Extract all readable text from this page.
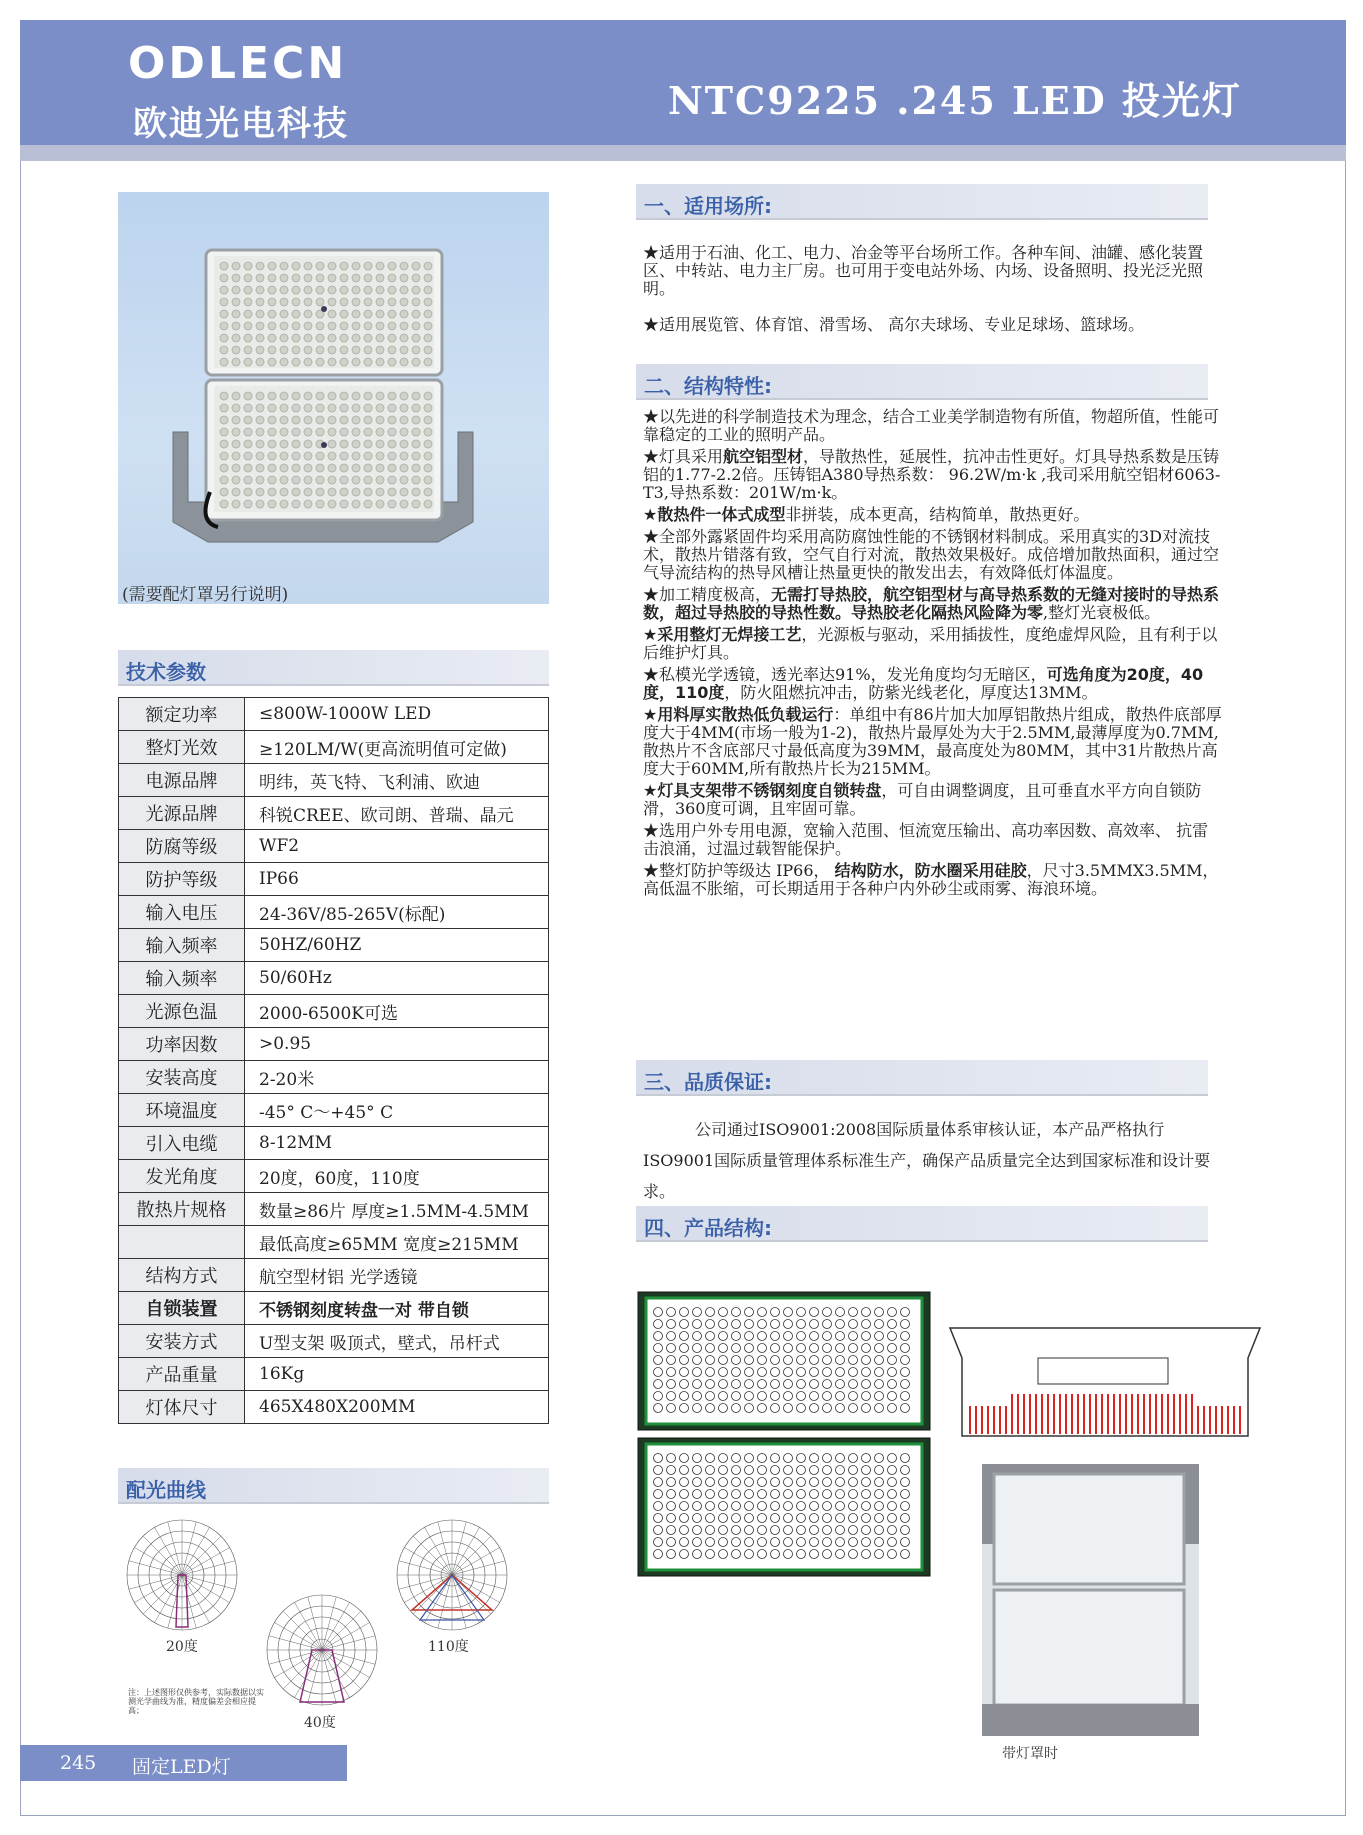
ODLECN
欧迪光电科技
NTC9225 .245 LED 投光灯
(需要配灯罩另行说明)
技术参数
额定功率	≤800W-1000W LED
整灯光效	≥120LM/W(更高流明值可定做)
电源品牌	明纬，英飞特、飞利浦、欧迪
光源品牌	科锐CREE、欧司朗、普瑞、晶元
防腐等级	WF2
防护等级	IP66
输入电压	24-36V/85-265V(标配)
输入频率	50HZ/60HZ
输入频率	50/60Hz
光源色温	2000-6500K可选
功率因数	>0.95
安装高度	2-20米
环境温度	-45° C～+45° C
引入电缆	8-12MM
发光角度	20度，60度，110度
散热片规格	数量≥86片 厚度≥1.5MM-4.5MM
	最低高度≥65MM 宽度≥215MM
结构方式	航空型材铝 光学透镜
自锁装置	不锈钢刻度转盘一对 带自锁
安装方式	U型支架 吸顶式，壁式，吊杆式
产品重量	16Kg
灯体尺寸	465X480X200MM
配光曲线
20度
40度
110度
注：上述图形仅供参考，实际数据以实测光学曲线为准，精度偏差会相应提高；
一、适用场所:
★适用于石油、化工、电力、冶金等平台场所工作。各种车间、油罐、感化装置区、中转站、电力主厂房。也可用于变电站外场、内场、设备照明、投光泛光照明。
★适用展览管、体育馆、滑雪场、 高尔夫球场、专业足球场、篮球场。
二、结构特性:
★以先进的科学制造技术为理念，结合工业美学制造物有所值，物超所值，性能可靠稳定的工业的照明产品。
★灯具采用航空铝型材，导散热性，延展性，抗冲击性更好。灯具导热系数是压铸铝的1.77-2.2倍。压铸铝A380导热系数： 96.2W/m·k ,我司采用航空铝材6063-T3,导热系数：201W/m·k。
★散热件一体式成型非拼装，成本更高，结构简单，散热更好。
★全部外露紧固件均采用高防腐蚀性能的不锈钢材料制成。采用真实的3D对流技术，散热片错落有致，空气自行对流，散热效果极好。成倍增加散热面积，通过空气导流结构的热导风槽让热量更快的散发出去，有效降低灯体温度。
★加工精度极高，无需打导热胶，航空铝型材与高导热系数的无缝对接时的导热系数，超过导热胶的导热性数。导热胶老化隔热风险降为零,整灯光衰极低。
★采用整灯无焊接工艺，光源板与驱动，采用插拔性，度绝虚焊风险，且有利于以后维护灯具。
★私模光学透镜，透光率达91%，发光角度均匀无暗区，可选角度为20度，40度，110度，防火阻燃抗冲击，防紫光线老化，厚度达13MM。
★用料厚实散热低负载运行：单组中有86片加大加厚铝散热片组成，散热件底部厚度大于4MM(市场一般为1-2)，散热片最厚处为大于2.5MM,最薄厚度为0.7MM,散热片不含底部尺寸最低高度为39MM，最高度处为80MM，其中31片散热片高度大于60MM,所有散热片长为215MM。
★灯具支架带不锈钢刻度自锁转盘，可自由调整调度，且可垂直水平方向自锁防滑，360度可调，且牢固可靠。
★选用户外专用电源，宽输入范围、恒流宽压输出、高功率因数、高效率、 抗雷击浪涌，过温过载智能保护。
★整灯防护等级达 IP66， 结构防水，防水圈采用硅胶，尺寸3.5MMX3.5MM，高低温不胀缩，可长期适用于各种户内外砂尘或雨雾、海浪环境。
三、品质保证:
公司通过ISO9001:2008国际质量体系审核认证，本产品严格执行ISO9001国际质量管理体系标准生产，确保产品质量完全达到国家标准和设计要求。
四、产品结构:
带灯罩时
245 固定LED灯
